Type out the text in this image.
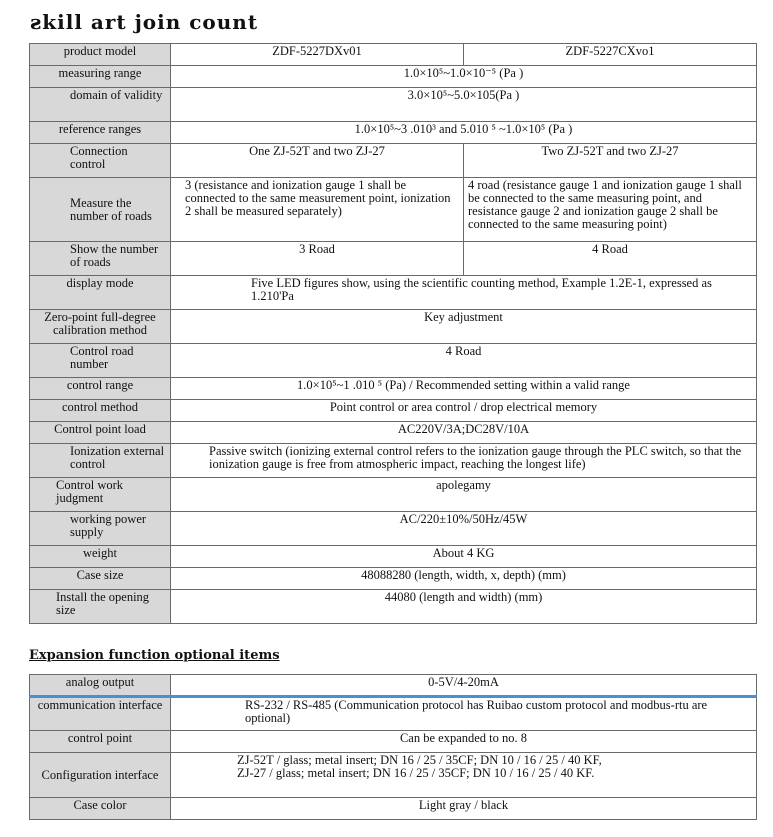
ƨkill art join count
product model	ZDF-5227DXv01	ZDF-5227CXvo1
measuring range	1.0×10⁵~1.0×10⁻⁵ (Pa )	
domain of validity	3.0×10⁵~5.0×105(Pa )	
reference ranges	1.0×10⁵~3 .010³ and 5.010 ⁵ ~1.0×10⁵ (Pa )	
Connection control	One ZJ-52T and two ZJ-27	Two ZJ-52T and two ZJ-27
Measure the number of roads	3 (resistance and ionization gauge 1 shall be connected to the same measurement point, ionization 2 shall be measured separately)	4 road (resistance gauge 1 and ionization gauge 1 shall be connected to the same measuring point, and resistance gauge 2 and ionization gauge 2 shall be connected to the same measuring point)
Show the number of roads	3 Road	4 Road
display mode	Five LED figures show, using the scientific counting method, Example 1.2E-1, expressed as 1.210'Pa	
Zero-point full-degree calibration method	Key adjustment	
Control road number	4 Road	
control range	1.0×10⁵~1 .010 ⁵ (Pa) / Recommended setting within a valid range	
control method	Point control or area control / drop electrical memory	
Control point load	AC220V/3A;DC28V/10A	
Ionization external control	Passive switch (ionizing external control refers to the ionization gauge through the PLC switch, so that the ionization gauge is free from atmospheric impact, reaching the longest life)	
Control work judgment	apolegamy	
working power supply	AC/220±10%/50Hz/45W	
weight	About 4 KG	
Case size	48088280 (length, width, x, depth) (mm)	
Install the opening size	44080 (length and width) (mm)	
Expansion function optional items
analog output	0-5V/4-20mA
communication interface	RS-232 / RS-485 (Communication protocol has Ruibao custom protocol and modbus-rtu are optional)
control point	Can be expanded to no. 8
Configuration interface	ZJ-52T / glass; metal insert; DN 16 / 25 / 35CF; DN 10 / 16 / 25 / 40 KF,
ZJ-27 / glass; metal insert; DN 16 / 25 / 35CF; DN 10 / 16 / 25 / 40 KF.

Case color	Light gray / black
